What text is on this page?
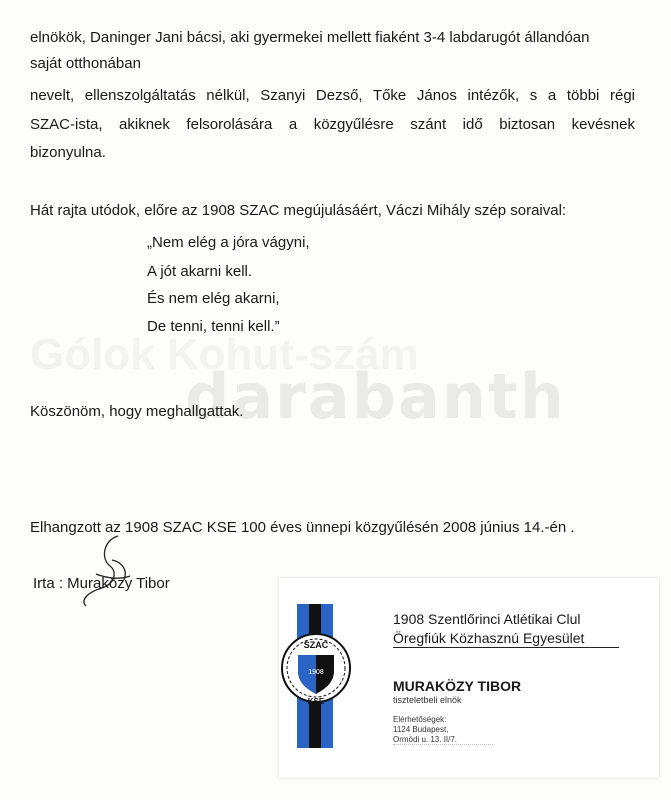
Gólok Kohut-szám
darabanth
elnökök, Daninger Jani bácsi, aki gyermekei mellett fiaként 3-4 labdarugót állandóan
saját otthonában
nevelt, ellenszolgáltatás nélkül, Szanyi Dezső, Tőke János intézők, s a többi régi
SZAC-ista, akiknek felsorolására a közgyűlésre szánt idő biztosan kevésnek
bizonyulna.
Hát rajta utódok, előre az 1908 SZAC megújulásáért, Váczi Mihály szép soraival:
„Nem elég a jóra vágyni,
A jót akarni kell.
És nem elég akarni,
De tenni, tenni kell.”
Köszönöm, hogy meghallgattak.
Elhangzott az 1908 SZAC KSE 100 éves ünnepi közgyűlésén 2008 június 14.-én .
Irta : Muraközy Tibor
SZAC
1908
KSE
1908 Szentlőrinci Atlétikai Clul
Öregfiúk Közhasznú Egyesület
MURAKÖZY TIBOR
tiszteletbeli elnök
Elérhetőségek:
1124 Budapest,
Ormódi u. 13. II/7.
